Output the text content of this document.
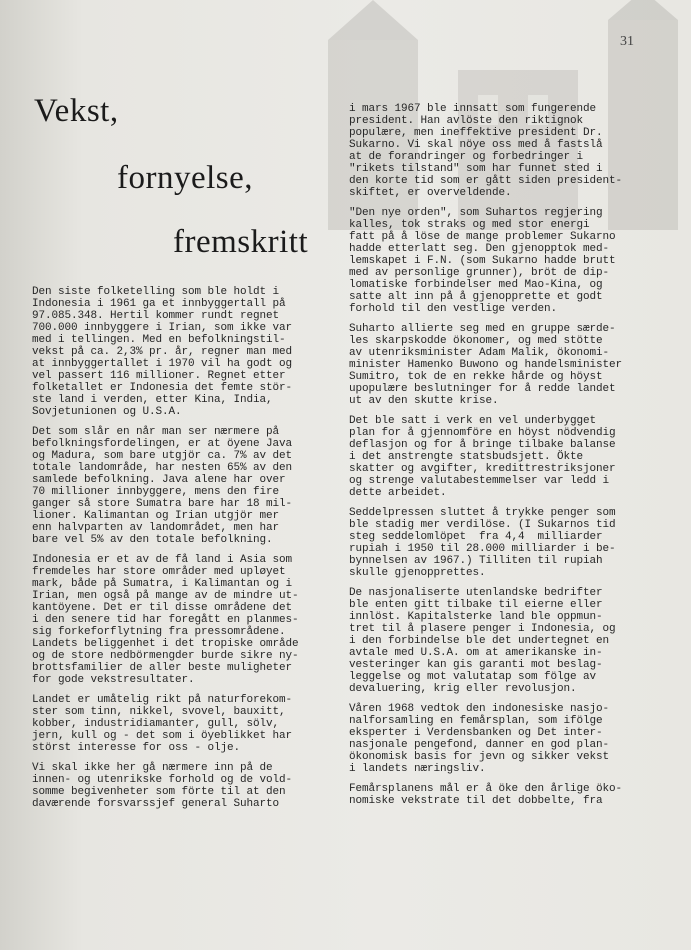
31
Vekst,
fornyelse,
fremskritt

Den siste folketelling som ble holdt i
Indonesia i 1961 ga et innbyggertall på
97.085.348. Hertil kommer rundt regnet
700.000 innbyggere i Irian, som ikke var
med i tellingen. Med en befolkningstil-
vekst på ca. 2,3% pr. år, regner man med
at innbyggertallet i 1970 vil ha godt og
vel passert 116 millioner. Regnet etter
folketallet er Indonesia det femte stör-
ste land i verden, etter Kina, India,
Sovjetunionen og U.S.A.

Det som slår en når man ser nærmere på
befolkningsfordelingen, er at öyene Java
og Madura, som bare utgjör ca. 7% av det
totale landområde, har nesten 65% av den
samlede befolkning. Java alene har over
70 millioner innbyggere, mens den fire
ganger så store Sumatra bare har 18 mil-
lioner. Kalimantan og Irian utgjör mer
enn halvparten av landområdet, men har
bare vel 5% av den totale befolkning.

Indonesia er et av de få land i Asia som
fremdeles har store områder med upløyet
mark, både på Sumatra, i Kalimantan og i
Irian, men også på mange av de mindre ut-
kantöyene. Det er til disse områdene det
i den senere tid har foregått en planmes-
sig forkeforflytning fra pressområdene.
Landets beliggenhet i det tropiske område
og de store nedbörmengder burde sikre ny-
brottsfamilier de aller beste muligheter
for gode vekstresultater.

Landet er umåtelig rikt på naturforekom-
ster som tinn, nikkel, svovel, bauxitt,
kobber, industridiamanter, gull, sölv,
jern, kull og - det som i öyeblikket har
störst interesse for oss - olje.

Vi skal ikke her gå nærmere inn på de
innen- og utenrikske forhold og de vold-
somme begivenheter som förte til at den
daværende forsvarssjef general Suharto

i mars 1967 ble innsatt som fungerende
president. Han avlöste den riktignok
populære, men ineffektive president Dr.
Sukarno. Vi skal nöye oss med å fastslå
at de forandringer og forbedringer i
"rikets tilstand" som har funnet sted i
den korte tid som er gått siden president-
skiftet, er overveldende.

"Den nye orden", som Suhartos regjering
kalles, tok straks og med stor energi
fatt på å löse de mange problemer Sukarno
hadde etterlatt seg. Den gjenopptok med-
lemskapet i F.N. (som Sukarno hadde brutt
med av personlige grunner), bröt de dip-
lomatiske forbindelser med Mao-Kina, og
satte alt inn på å gjenopprette et godt
forhold til den vestlige verden.

Suharto allierte seg med en gruppe særde-
les skarpskodde ökonomer, og med stötte
av utenriksminister Adam Malik, ökonomi-
minister Hamenko Buwono og handelsminister
Sumitro, tok de en rekke hårde og höyst
upopulære beslutninger for å redde landet
ut av den skutte krise.

Det ble satt i verk en vel underbygget
plan for å gjennomföre en höyst nödvendig
deflasjon og for å bringe tilbake balanse
i det anstrengte statsbudsjett. Ökte
skatter og avgifter, kredittrestriksjoner
og strenge valutabestemmelser var ledd i
dette arbeidet.

Seddelpressen sluttet å trykke penger som
ble stadig mer verdilöse. (I Sukarnos tid
steg seddelomlöpet  fra 4,4  milliarder
rupiah i 1950 til 28.000 milliarder i be-
bynnelsen av 1967.) Tilliten til rupiah
skulle gjenopprettes.

De nasjonaliserte utenlandske bedrifter
ble enten gitt tilbake til eierne eller
innlöst. Kapitalsterke land ble oppmun-
tret til å plasere penger i Indonesia, og
i den forbindelse ble det undertegnet en
avtale med U.S.A. om at amerikanske in-
vesteringer kan gis garanti mot beslag-
leggelse og mot valutatap som fölge av
devaluering, krig eller revolusjon.

Våren 1968 vedtok den indonesiske nasjo-
nalforsamling en femårsplan, som ifölge
eksperter i Verdensbanken og Det inter-
nasjonale pengefond, danner en god plan-
ökonomisk basis for jevn og sikker vekst
i landets næringsliv.

Femårsplanens mål er å öke den årlige öko-
nomiske vekstrate til det dobbelte, fra
